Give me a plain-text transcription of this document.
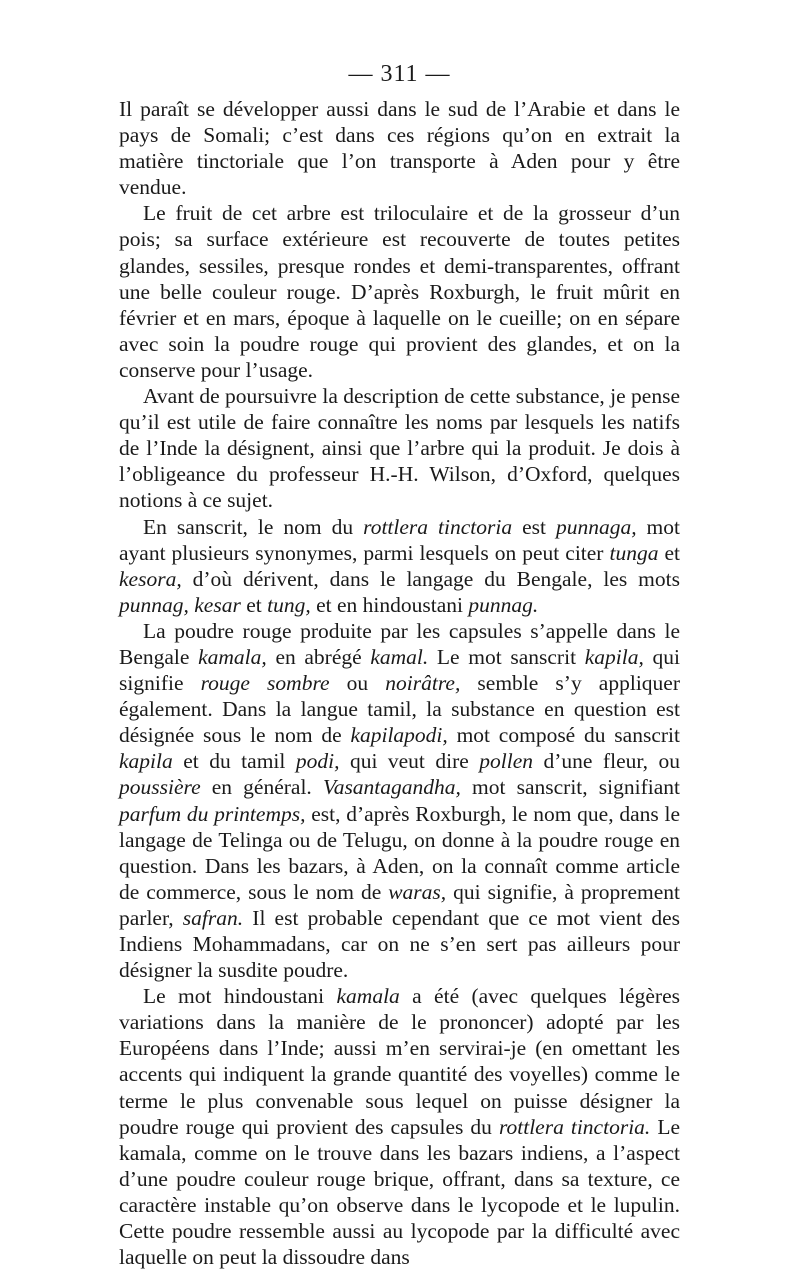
— 311 —

Il paraît se développer aussi dans le sud de l’Arabie et dans le pays de Somali; c’est dans ces régions qu’on en extrait la matière tinctoriale que l’on transporte à Aden pour y être vendue.

Le fruit de cet arbre est triloculaire et de la grosseur d’un pois; sa surface extérieure est recouverte de toutes petites glandes, sessiles, presque rondes et demi-transparentes, offrant une belle couleur rouge. D’après Roxburgh, le fruit mûrit en février et en mars, époque à laquelle on le cueille; on en sépare avec soin la poudre rouge qui provient des glandes, et on la conserve pour l’usage.

Avant de poursuivre la description de cette substance, je pense qu’il est utile de faire connaître les noms par lesquels les natifs de l’Inde la désignent, ainsi que l’arbre qui la produit. Je dois à l’obligeance du professeur H.-H. Wilson, d’Oxford, quelques notions à ce sujet.

En sanscrit, le nom du rottlera tinctoria est punnaga, mot ayant plusieurs synonymes, parmi lesquels on peut citer tunga et kesora, d’où dérivent, dans le langage du Bengale, les mots punnag, kesar et tung, et en hindoustani punnag.

La poudre rouge produite par les capsules s’appelle dans le Bengale kamala, en abrégé kamal. Le mot sanscrit kapila, qui signifie rouge sombre ou noirâtre, semble s’y appliquer également. Dans la langue tamil, la substance en question est désignée sous le nom de kapilapodi, mot composé du sanscrit kapila et du tamil podi, qui veut dire pollen d’une fleur, ou poussière en général. Vasantagandha, mot sanscrit, signifiant parfum du printemps, est, d’après Roxburgh, le nom que, dans le langage de Telinga ou de Telugu, on donne à la poudre rouge en question. Dans les bazars, à Aden, on la connaît comme article de commerce, sous le nom de waras, qui signifie, à proprement parler, safran. Il est probable cependant que ce mot vient des Indiens Mohammadans, car on ne s’en sert pas ailleurs pour désigner la susdite poudre.

Le mot hindoustani kamala a été (avec quelques légères variations dans la manière de le prononcer) adopté par les Européens dans l’Inde; aussi m’en servirai-je (en omettant les accents qui indiquent la grande quantité des voyelles) comme le terme le plus convenable sous lequel on puisse désigner la poudre rouge qui provient des capsules du rottlera tinctoria. Le kamala, comme on le trouve dans les bazars indiens, a l’aspect d’une poudre couleur rouge brique, offrant, dans sa texture, ce caractère instable qu’on observe dans le lycopode et le lupulin. Cette poudre ressemble aussi au lycopode par la difficulté avec laquelle on peut la dissoudre dans
